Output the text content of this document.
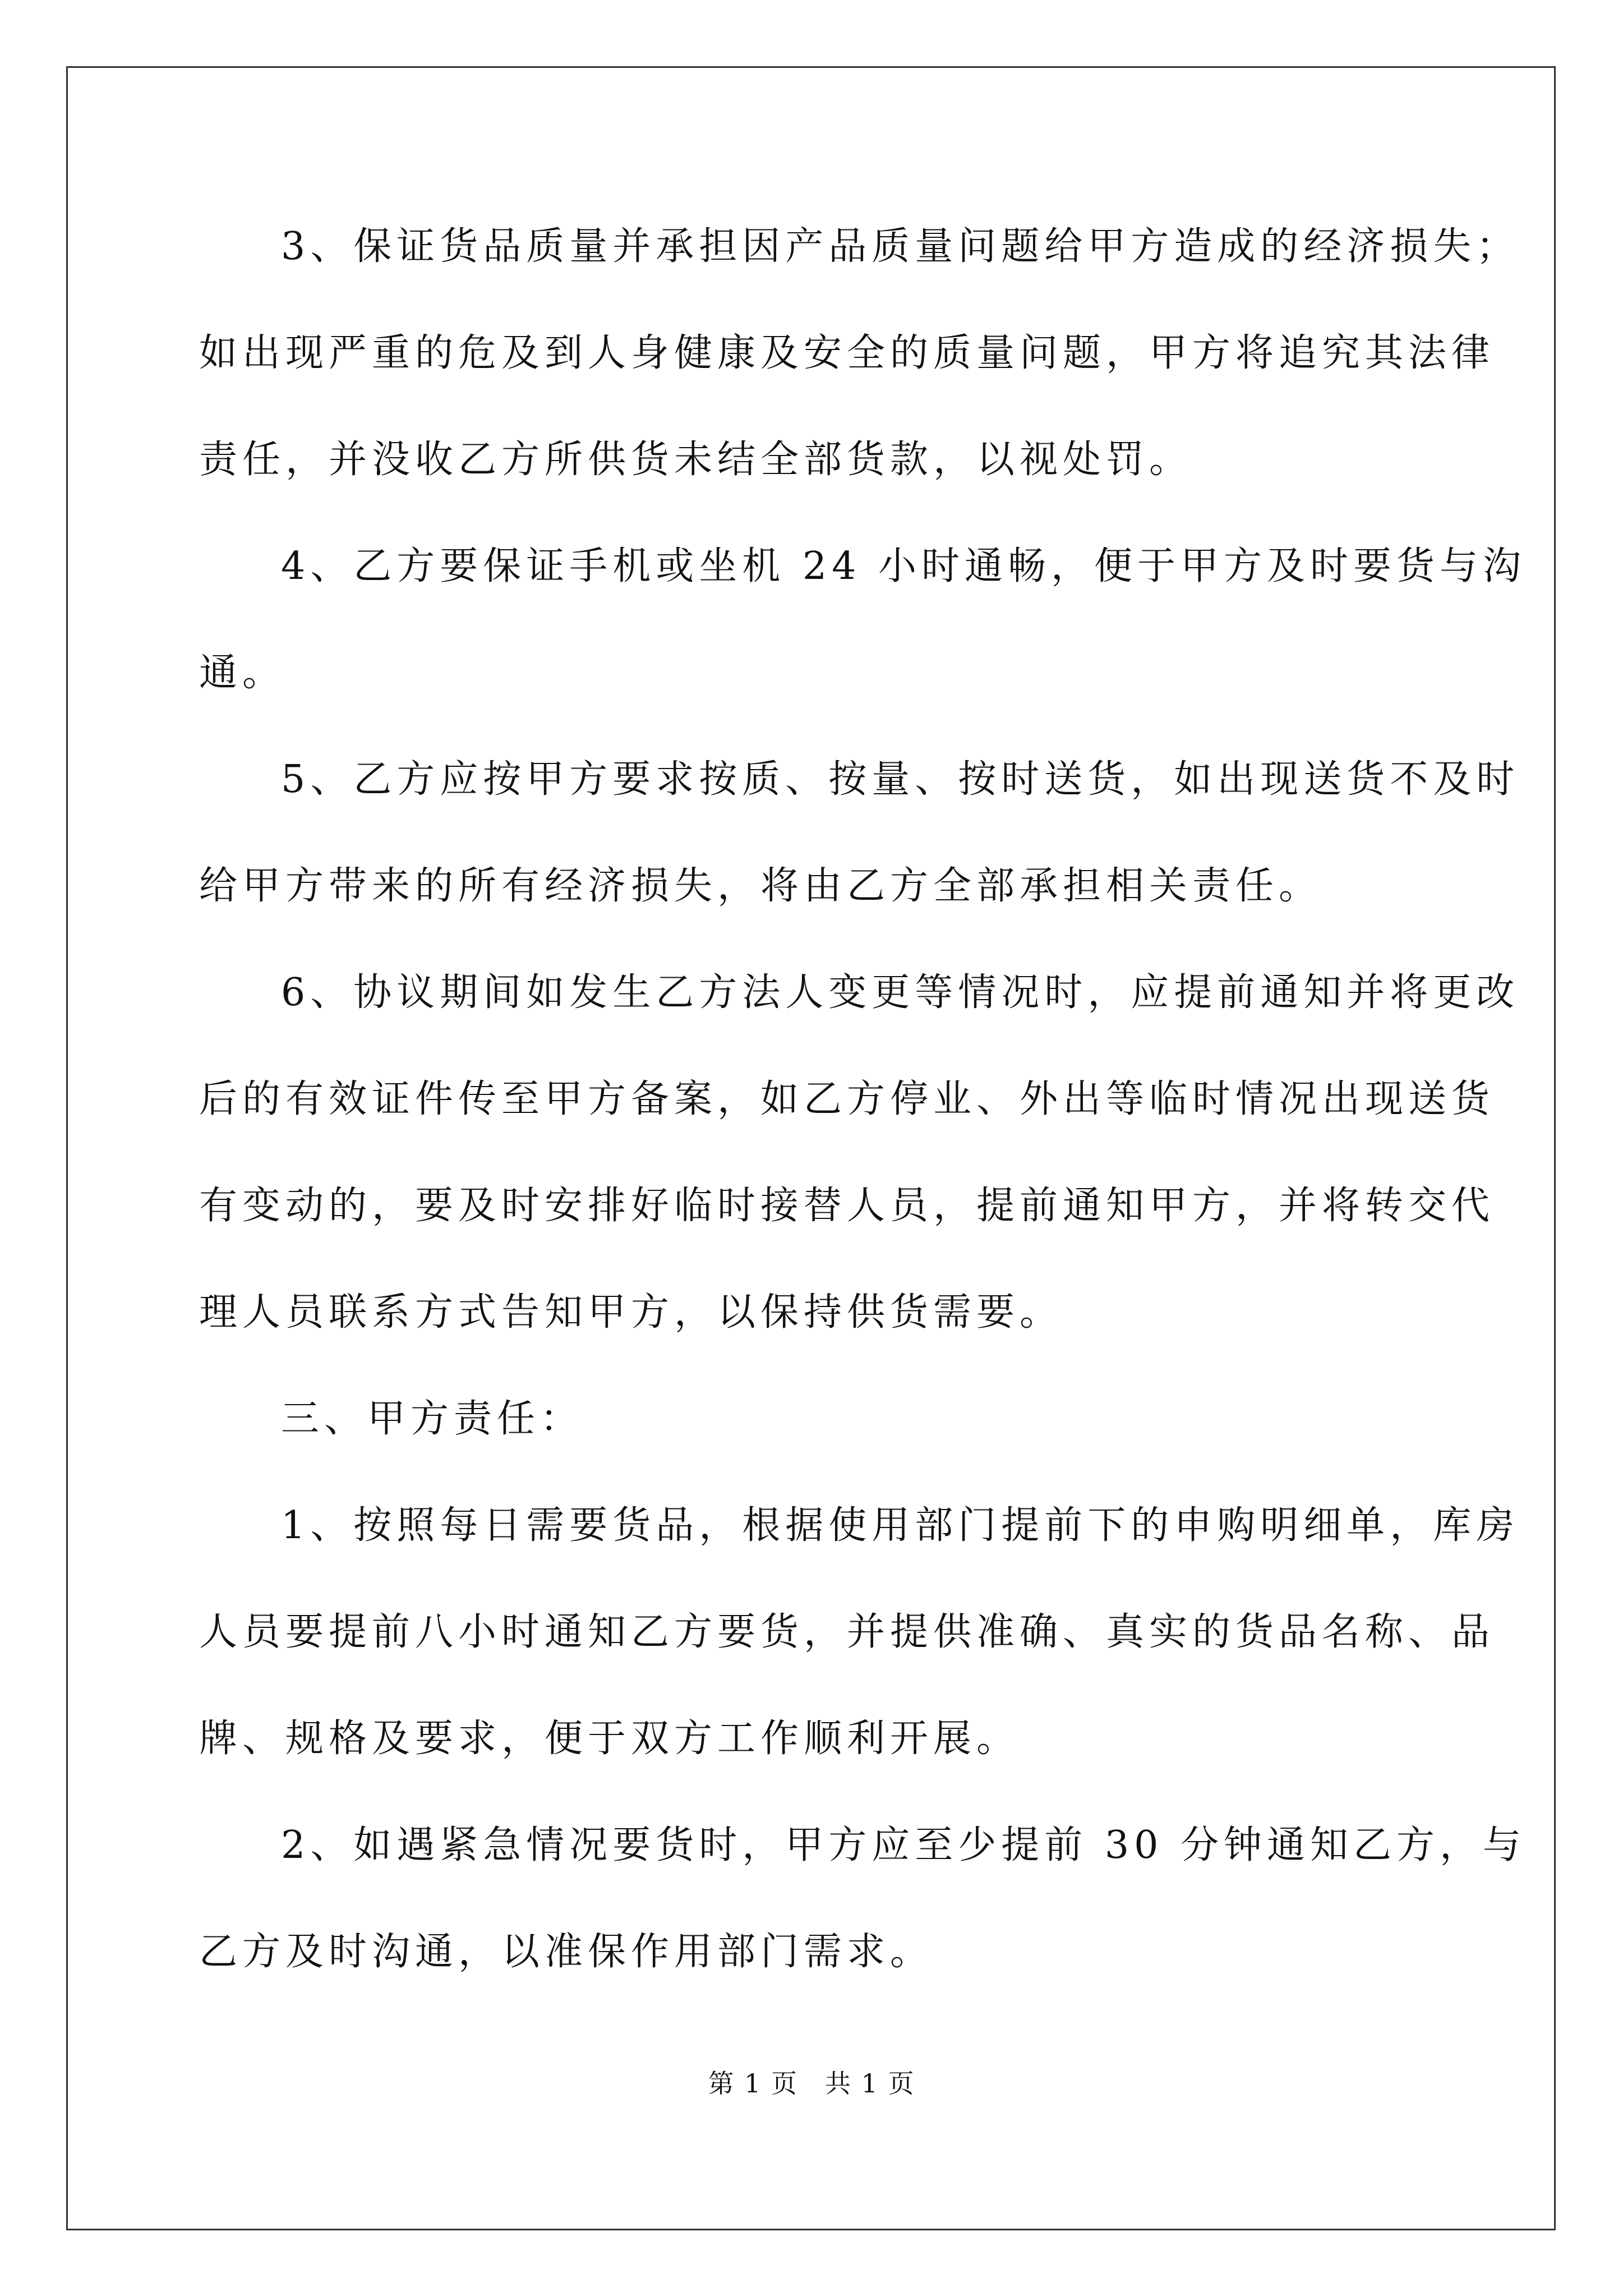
3、保证货品质量并承担因产品质量问题给甲方造成的经济损失；
如出现严重的危及到人身健康及安全的质量问题，甲方将追究其法律
责任，并没收乙方所供货未结全部货款，以视处罚。
4、乙方要保证手机或坐机 24 小时通畅，便于甲方及时要货与沟
通。
5、乙方应按甲方要求按质、按量、按时送货，如出现送货不及时
给甲方带来的所有经济损失，将由乙方全部承担相关责任。
6、协议期间如发生乙方法人变更等情况时，应提前通知并将更改
后的有效证件传至甲方备案，如乙方停业、外出等临时情况出现送货
有变动的，要及时安排好临时接替人员，提前通知甲方，并将转交代
理人员联系方式告知甲方，以保持供货需要。
三、甲方责任：
1、按照每日需要货品，根据使用部门提前下的申购明细单，库房
人员要提前八小时通知乙方要货，并提供准确、真实的货品名称、品
牌、规格及要求，便于双方工作顺利开展。
2、如遇紧急情况要货时，甲方应至少提前 30 分钟通知乙方，与
乙方及时沟通，以准保作用部门需求。
第 1 页　共 1 页
